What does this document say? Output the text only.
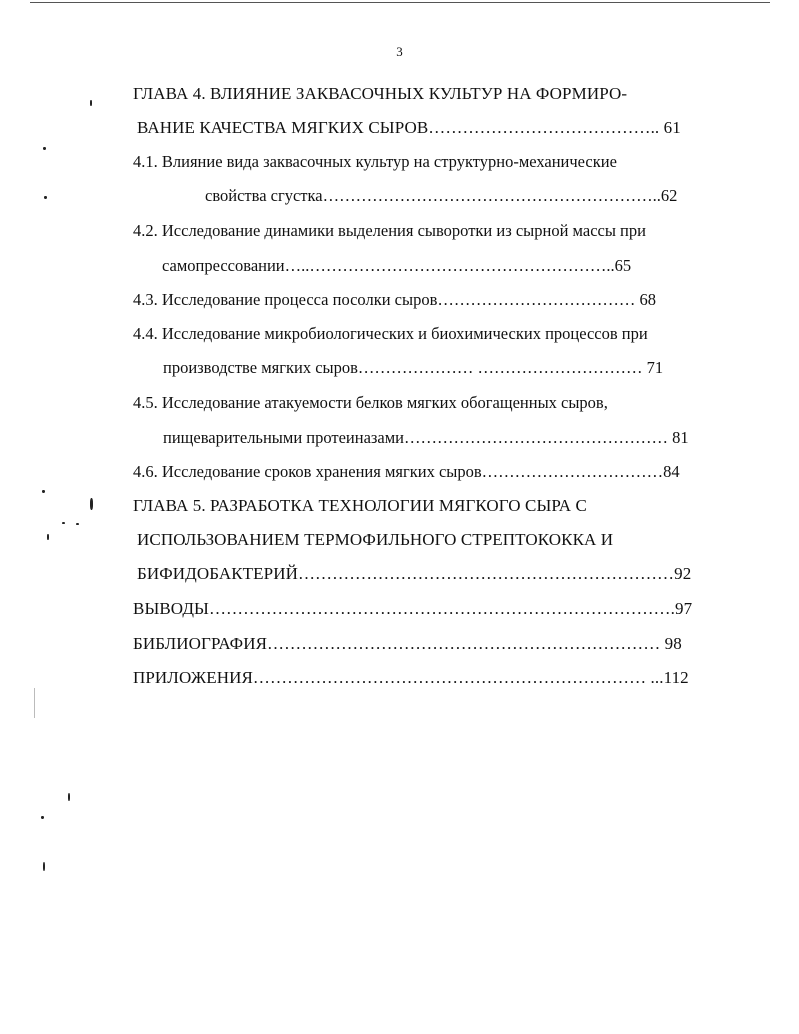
3
ГЛАВА 4. ВЛИЯНИЕ ЗАКВАСОЧНЫХ КУЛЬТУР НА ФОРМИРО-
ВАНИЕ КАЧЕСТВА МЯГКИХ СЫРОВ………………………………….. 61
4.1. Влияние вида заквасочных культур на структурно-механические
свойства сгустка……………………………………………………..62
4.2. Исследование динамики выделения сыворотки из сырной массы при
самопрессовании…..………………………………………………..65
4.3. Исследование процесса посолки сыров……………………………… 68
4.4. Исследование микробиологических и биохимических процессов при
производстве мягких сыров………………… ………………………… 71
4.5. Исследование атакуемости белков мягких обогащенных сыров,
пищеварительными протеиназами………………………………………… 81
4.6. Исследование сроков хранения мягких сыров……………………………84
ГЛАВА 5. РАЗРАБОТКА ТЕХНОЛОГИИ МЯГКОГО СЫРА С
ИСПОЛЬЗОВАНИЕМ ТЕРМОФИЛЬНОГО СТРЕПТОКОККА И
БИФИДОБАКТЕРИЙ…………………………………………………………92
ВЫВОДЫ……………………………………………………………………….97
БИБЛИОГРАФИЯ…………………………………………………………… 98
ПРИЛОЖЕНИЯ…………………………………………………………… ...112
